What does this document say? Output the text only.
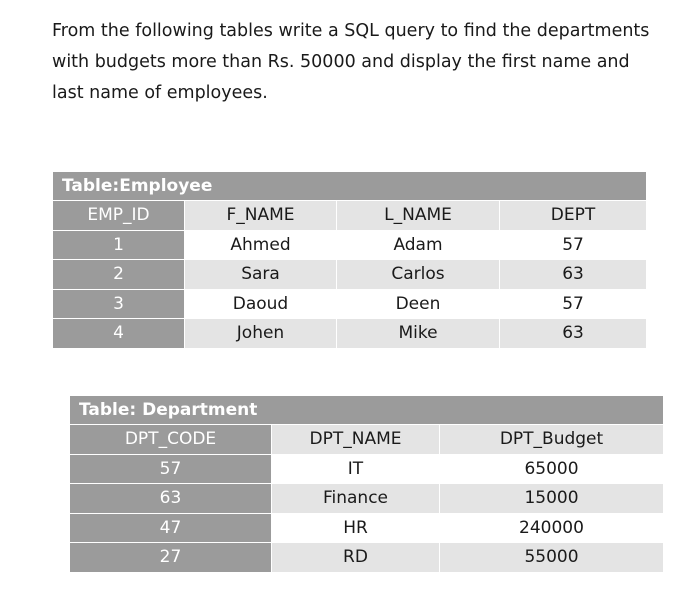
From the following tables write a SQL query to find the departments with budgets more than Rs. 50000 and display the first name and last name of employees.

Table:Employee			
EMP_ID	F_NAME	L_NAME	DEPT
1	Ahmed	Adam	57
2	Sara	Carlos	63
3	Daoud	Deen	57
4	Johen	Mike	63
Table: Department		
DPT_CODE	DPT_NAME	DPT_Budget
57	IT	65000
63	Finance	15000
47	HR	240000
27	RD	55000
